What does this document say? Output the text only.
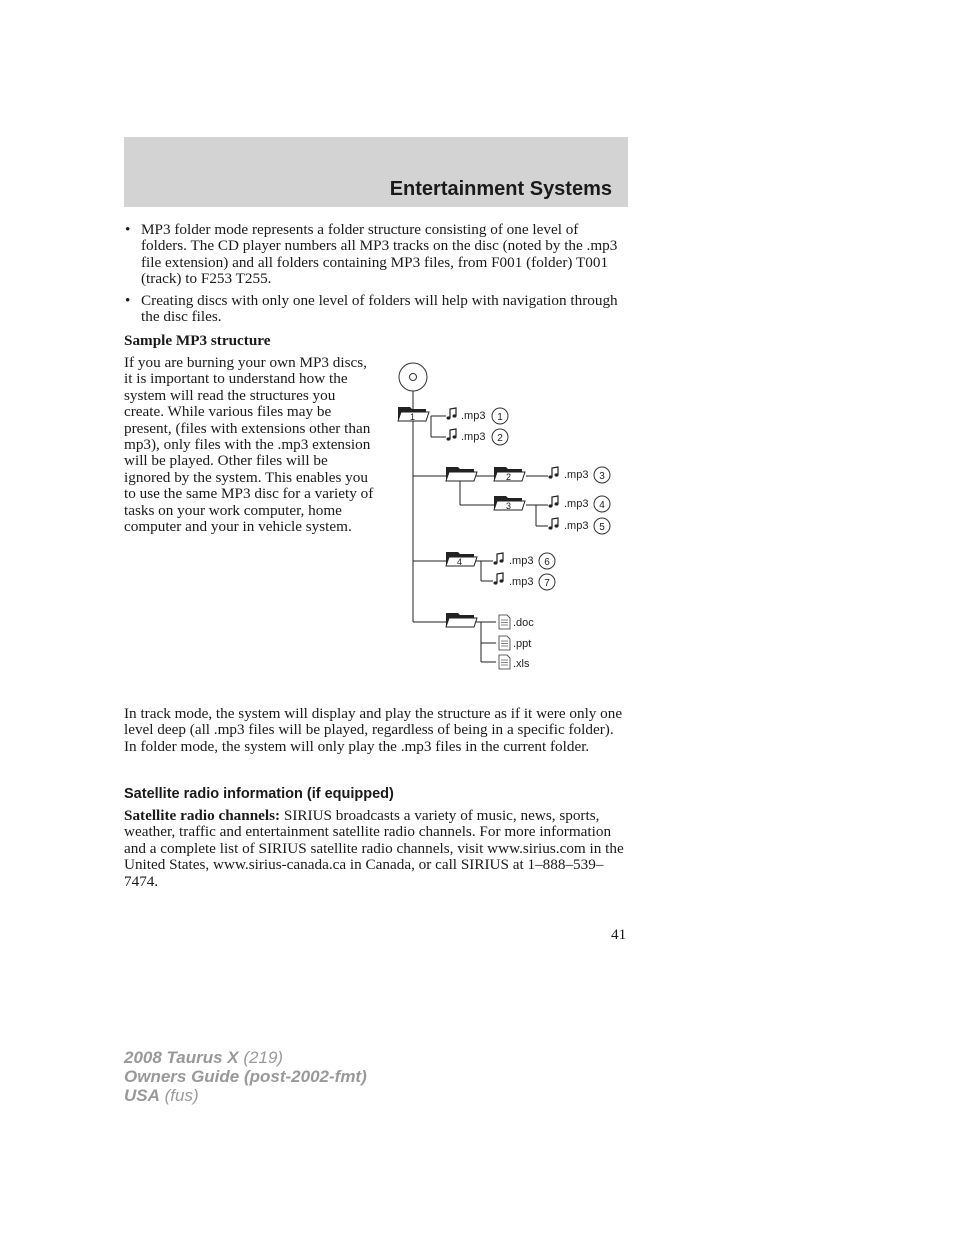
Entertainment Systems
• MP3 folder mode represents a folder structure consisting of one level of folders. The CD player numbers all MP3 tracks on the disc (noted by the .mp3 file extension) and all folders containing MP3 files, from F001 (folder) T001 (track) to F253 T255.
• Creating discs with only one level of folders will help with navigation through the disc files.
Sample MP3 structure
If you are burning your own MP3 discs, it is important to understand how the system will read the structures you create. While various files may be present, (files with extensions other than mp3), only files with the .mp3 extension will be played. Other files will be ignored by the system. This enables you to use the same MP3 disc for a variety of tasks on your work computer, home computer and your in vehicle system.
1
2
3
4
.mp3 1
.mp3 2
.mp3 3
.mp3 4
.mp3 5
.mp3 6
.mp3 7
.doc
.ppt
.xls
In track mode, the system will display and play the structure as if it were only one level deep (all .mp3 files will be played, regardless of being in a specific folder). In folder mode, the system will only play the .mp3 files in the current folder.
Satellite radio information (if equipped)
Satellite radio channels: SIRIUS broadcasts a variety of music, news, sports, weather, traffic and entertainment satellite radio channels. For more information and a complete list of SIRIUS satellite radio channels, visit www.sirius.com in the United States, www.sirius-canada.ca in Canada, or call SIRIUS at 1–888–539–7474.
41
2008 Taurus X (219)
Owners Guide (post-2002-fmt)
USA (fus)
